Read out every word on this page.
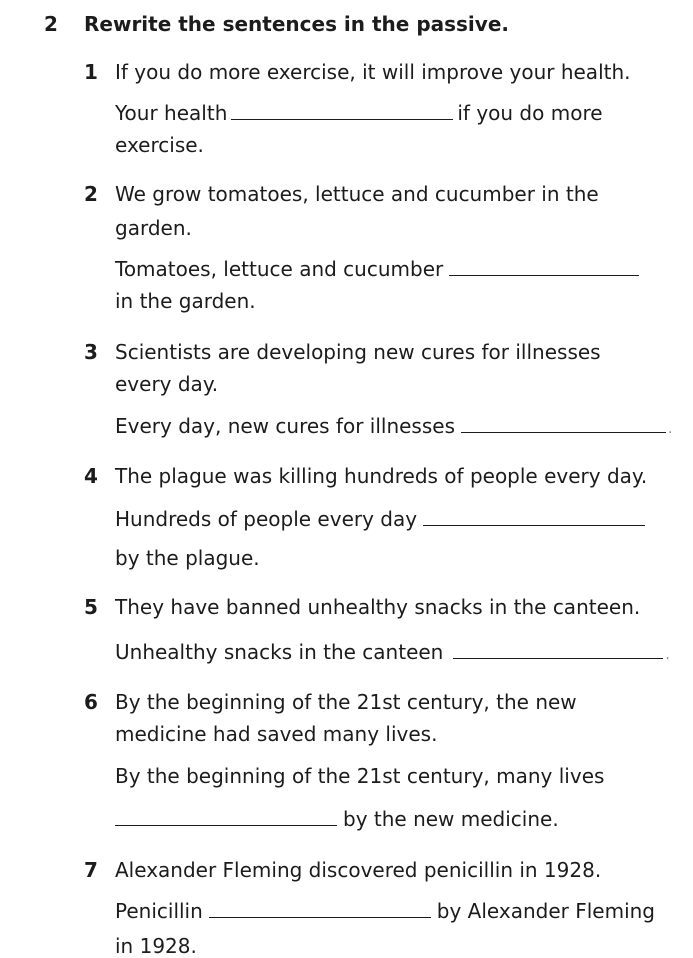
2 Rewrite the sentences in the passive.
1 If you do more exercise, it will improve your health.
Your health	if you do more
exercise.
2 We grow tomatoes, lettuce and cucumber in the
garden.
Tomatoes, lettuce and cucumber
in the garden.
3 Scientists are developing new cures for illnesses
every day.
Every day, new cures for illnesses	.
4 The plague was killing hundreds of people every day.
Hundreds of people every day
by the plague.
5 They have banned unhealthy snacks in the canteen.
Unhealthy snacks in the canteen	.
6 By the beginning of the 21st century, the new
medicine had saved many lives.
By the beginning of the 21st century, many lives
by the new medicine.
7 Alexander Fleming discovered penicillin in 1928.
Penicillin	by Alexander Fleming
in 1928.
